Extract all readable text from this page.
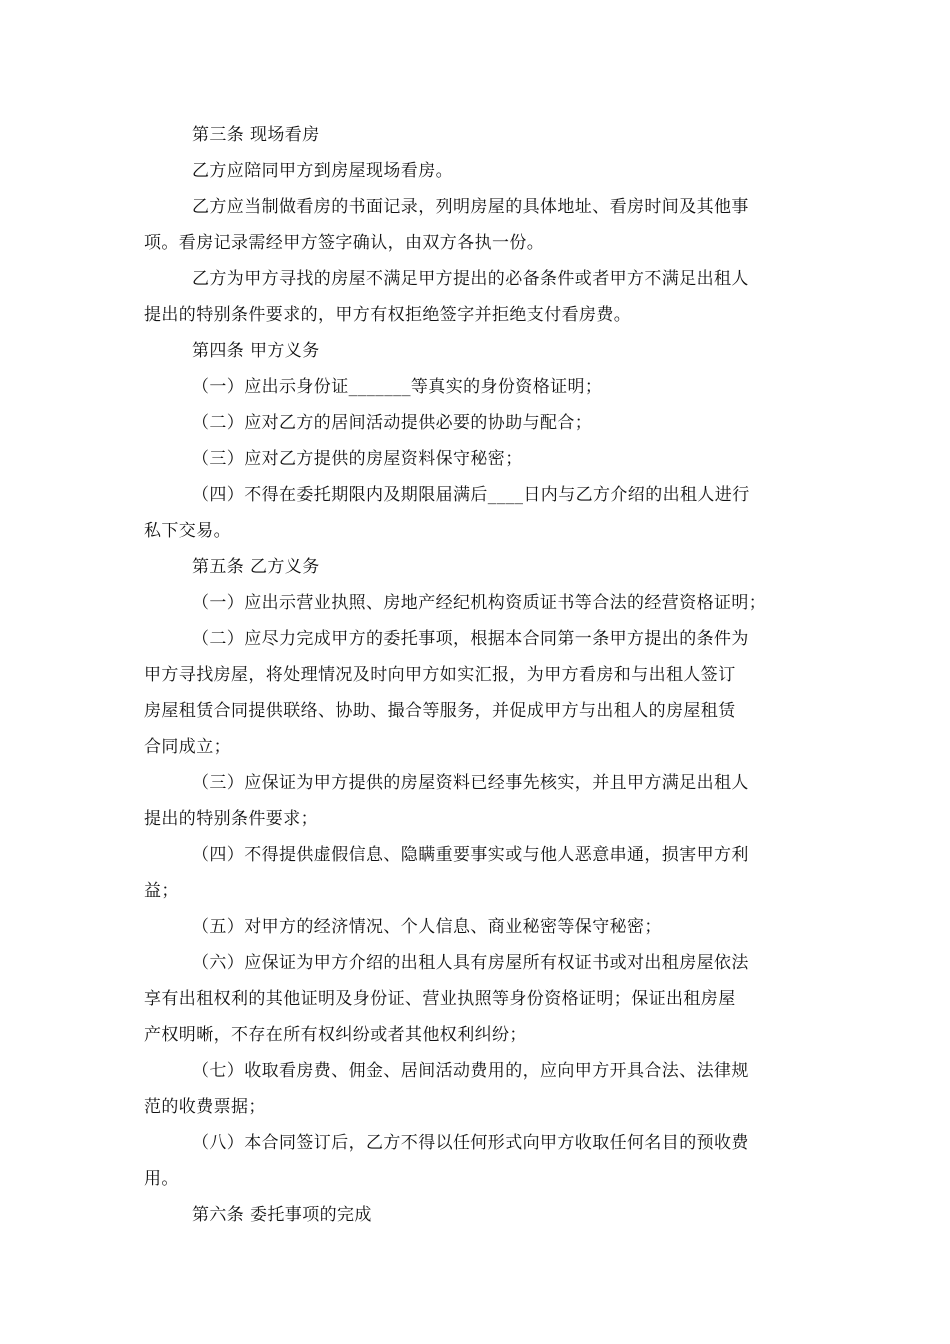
第三条 现场看房
乙方应陪同甲方到房屋现场看房。
乙方应当制做看房的书面记录，列明房屋的具体地址、看房时间及其他事
项。看房记录需经甲方签字确认，由双方各执一份。
乙方为甲方寻找的房屋不满足甲方提出的必备条件或者甲方不满足出租人
提出的特别条件要求的，甲方有权拒绝签字并拒绝支付看房费。
第四条 甲方义务
（一）应出示身份证_______等真实的身份资格证明；
（二）应对乙方的居间活动提供必要的协助与配合；
（三）应对乙方提供的房屋资料保守秘密；
（四）不得在委托期限内及期限届满后____日内与乙方介绍的出租人进行
私下交易。
第五条 乙方义务
（一）应出示营业执照、房地产经纪机构资质证书等合法的经营资格证明；
（二）应尽力完成甲方的委托事项，根据本合同第一条甲方提出的条件为
甲方寻找房屋，将处理情况及时向甲方如实汇报，为甲方看房和与出租人签订
房屋租赁合同提供联络、协助、撮合等服务，并促成甲方与出租人的房屋租赁
合同成立；
（三）应保证为甲方提供的房屋资料已经事先核实，并且甲方满足出租人
提出的特别条件要求；
（四）不得提供虚假信息、隐瞒重要事实或与他人恶意串通，损害甲方利
益；
（五）对甲方的经济情况、个人信息、商业秘密等保守秘密；
（六）应保证为甲方介绍的出租人具有房屋所有权证书或对出租房屋依法
享有出租权利的其他证明及身份证、营业执照等身份资格证明；保证出租房屋
产权明晰，不存在所有权纠纷或者其他权利纠纷；
（七）收取看房费、佣金、居间活动费用的，应向甲方开具合法、法律规
范的收费票据；
（八）本合同签订后，乙方不得以任何形式向甲方收取任何名目的预收费
用。
第六条 委托事项的完成
